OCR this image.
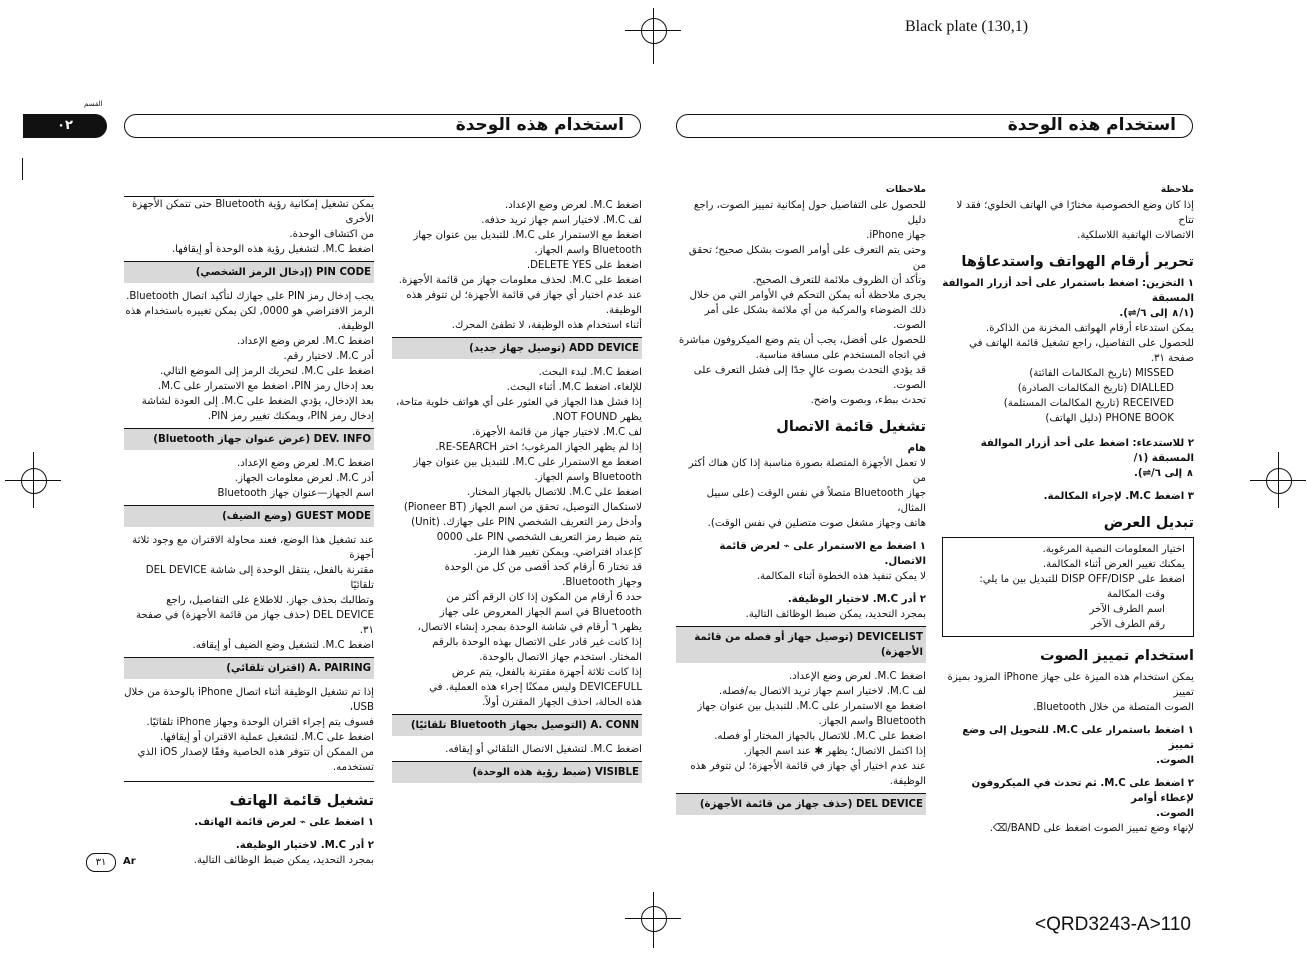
Black plate (130,1)
القسم
٠٢	استخدام هذه الوحدة	استخدام هذه الوحدة

ملاحظة

إذا كان وضع الخصوصية مختارًا في الهاتف الخلوي؛ فقد لا تتاح

الاتصالات الهاتفية اللاسلكية.

تحرير أرقام الهواتف واستدعاؤها

١ التخزين: اضغط باستمرار على أحد أزرار الموالفة المسبقة

(١/∧ إلى ٦/⇌).

يمكن استدعاء أرقام الهواتف المخزنة من الذاكرة.

للحصول على التفاصيل، راجع تشغيل قائمة الهاتف في صفحة ٣١.

MISSED (تاريخ المكالمات الفائتة)

DIALLED (تاريخ المكالمات الصادرة)

RECEIVED (تاريخ المكالمات المستلمة)

PHONE BOOK (دليل الهاتف)

٢ للاستدعاء: اضغط على أحد أزرار الموالفة المسبقة (١/

∧ إلى ٦/⇌).

٣ اضغط M.C. لإجراء المكالمة.

تبديل العرض

اختيار المعلومات النصية المرغوبة.

يمكنك تغيير العرض أثناء المكالمة.

اضغط على DISP OFF/DISP للتبديل بين ما يلي:

وقت المكالمة

اسم الطرف الآخر

رقم الطرف الآخر

استخدام تمييز الصوت

يمكن استخدام هذه الميزة على جهاز iPhone المزود بميزة تمييز

الصوت المتصلة من خلال Bluetooth.

١ اضغط باستمرار على M.C. للتحويل إلى وضع تمييز

الصوت.

٢ اضغط على M.C. ثم تحدث في الميكروفون لإعطاء أوامر

الصوت.

لإنهاء وضع تمييز الصوت اضغط على BAND/⌫.

ملاحظات

للحصول على التفاصيل حول إمكانية تمييز الصوت، راجع دليل

جهاز iPhone.

وحتى يتم التعرف على أوامر الصوت بشكل صحيح؛ تحقق من

وتأكد أن الظروف ملائمة للتعرف الصحيح.

يجرى ملاحظة أنه يمكن التحكم في الأوامر التي من خلال

ذلك الضوضاء والمركبة من أي ملائمة بشكل على أمر

الصوت.

للحصول على أفضل، يجب أن يتم وضع الميكروفون مباشرة

في اتجاه المستخدم على مسافة مناسبة.

قد يؤدي التحدث بصوت عالٍ جدًا إلى فشل التعرف على

الصوت.

تحدث ببطء، وبصوت واضح.

تشغيل قائمة الاتصال

هام

لا تعمل الأجهزة المتصلة بصورة مناسبة إذا كان هناك أكثر من

جهاز Bluetooth متصلاً في نفس الوقت (على سبيل المثال،

هاتف وجهاز مشغل صوت متصلين في نفس الوقت).

١ اضغط مع الاستمرار على ⌁ لعرض قائمة الاتصال.

لا يمكن تنفيذ هذه الخطوة أثناء المكالمة.

٢ أدر M.C. لاختيار الوظيفة.

بمجرد التحديد، يمكن ضبط الوظائف التالية.

DEVICELIST (توصيل جهاز أو فصله من قائمة الأجهزة)

اضغط M.C. لعرض وضع الإعداد.

لف M.C. لاختيار اسم جهاز تريد الاتصال به/فصله.

اضغط مع الاستمرار على M.C. للتبديل بين عنوان جهاز

Bluetooth واسم الجهاز.

اضغط على M.C. للاتصال بالجهاز المختار أو فصله.

إذا اكتمل الاتصال؛ يظهر ✱ عند اسم الجهاز.

عند عدم اختيار أي جهاز في قائمة الأجهزة؛ لن تتوفر هذه

الوظيفة.

DEL DEVICE (حذف جهاز من قائمة الأجهزة)

اضغط M.C. لعرض وضع الإعداد.

لف M.C. لاختيار اسم جهاز تريد حذفه.

اضغط مع الاستمرار على M.C. للتبديل بين عنوان جهاز

Bluetooth واسم الجهاز.

اضغط على DELETE YES.

اضغط على M.C. لحذف معلومات جهاز من قائمة الأجهزة.

عند عدم اختيار أي جهاز في قائمة الأجهزة؛ لن تتوفر هذه

الوظيفة.

أثناء استخدام هذه الوظيفة، لا تطفئ المحرك.

ADD DEVICE (توصيل جهاز جديد)

اضغط M.C. لبدء البحث.

للإلغاء، اضغط M.C. أثناء البحث.

إذا فشل هذا الجهاز في العثور على أي هواتف خلوية متاحة،

يظهر NOT FOUND.

لف M.C. لاختيار جهاز من قائمة الأجهزة.

إذا لم يظهر الجهاز المرغوب؛ اختر RE-SEARCH.

اضغط مع الاستمرار على M.C. للتبديل بين عنوان جهاز

Bluetooth واسم الجهاز.

اضغط على M.C. للاتصال بالجهاز المختار.

لاستكمال التوصيل، تحقق من اسم الجهاز (Pioneer BT)

وأدخل رمز التعريف الشخصي PIN على جهازك. (Unit)

يتم ضبط رمز التعريف الشخصي PIN على 0000

كإعداد افتراضي. ويمكن تغيير هذا الرمز.

قد تختار 6 أرقام كحد أقصى من كل من الوحدة

وجهاز Bluetooth.

حدد 6 أرقام من المكون إذا كان الرقم أكثر من

Bluetooth في اسم الجهاز المعروض على جهاز

يظهر ٦ أرقام في شاشة الوحدة بمجرد إنشاء الاتصال،

إذا كانت غير قادر على الاتصال بهذه الوحدة بالرقم

المختار. استخدم جهاز الاتصال بالوحدة.

إذا كانت ثلاثة أجهزة مقترنة بالفعل، يتم عرض

DEVICEFULL وليس ممكنًا إجراء هذه العملية. في

هذه الحالة، احذف الجهاز المقترن أولاً.

A. CONN (التوصيل بجهاز Bluetooth تلقائيًا)

اضغط M.C. لتشغيل الاتصال التلقائي أو إيقافه.

VISIBLE (ضبط رؤية هذه الوحدة)

يمكن تشغيل إمكانية رؤية Bluetooth حتى تتمكن الأجهزة الأخرى

من اكتشاف الوحدة.

اضغط M.C. لتشغيل رؤية هذه الوحدة أو إيقافها.

PIN CODE (إدخال الرمز الشخصي)

يجب إدخال رمز PIN على جهازك لتأكيد اتصال Bluetooth.

الرمز الافتراضي هو 0000, لكن يمكن تغييره باستخدام هذه الوظيفة.

اضغط M.C. لعرض وضع الإعداد.

أدر M.C. لاختيار رقم.

اضغط على M.C. لتحريك الرمز إلى الموضع التالي.

بعد إدخال رمز PIN، اضغط مع الاستمرار على M.C.

بعد الإدخال، يؤدي الضغط على M.C. إلى العودة لشاشة

إدخال رمز PIN، ويمكنك تغيير رمز PIN.

DEV. INFO (عرض عنوان جهاز Bluetooth)

اضغط M.C. لعرض وضع الإعداد.

أدر M.C. لعرض معلومات الجهاز.

اسم الجهاز—عنوان جهاز Bluetooth

GUEST MODE (وضع الضيف)

عند تشغيل هذا الوضع، فعند محاولة الاقتران مع وجود ثلاثة أجهزة

مقترنة بالفعل، ينتقل الوحدة إلى شاشة DEL DEVICE تلقائيًا

وتطالبك بحذف جهاز. للاطلاع على التفاصيل، راجع

DEL DEVICE (حذف جهاز من قائمة الأجهزة) في صفحة ٣١.

اضغط M.C. لتشغيل وضع الضيف أو إيقافه.

A. PAIRING (اقتران تلقائي)

إذا تم تشغيل الوظيفة أثناء اتصال iPhone بالوحدة من خلال USB،

فسوف يتم إجراء اقتران الوحدة وجهاز iPhone تلقائيًا.

اضغط على M.C. لتشغيل عملية الاقتران أو إيقافها.

من الممكن أن تتوفر هذه الخاصية وفقًا لإصدار iOS الذي

تستخدمه.

تشغيل قائمة الهاتف

١ اضغط على ⌁ لعرض قائمة الهاتف.

٢ أدر M.C. لاختيار الوظيفة.

بمجرد التحديد، يمكن ضبط الوظائف التالية.

٣١	Ar
<QRD3243-A>110
